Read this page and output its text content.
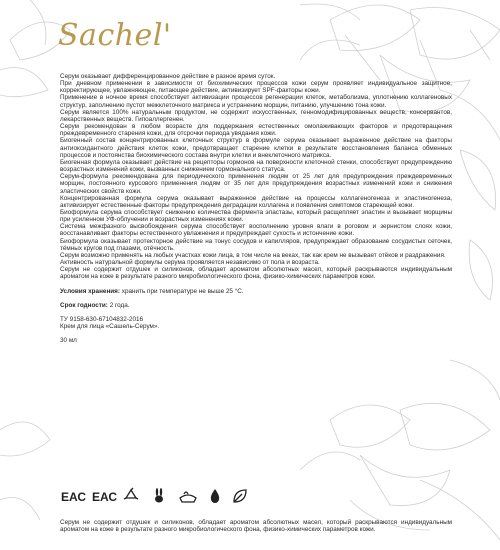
Sachel'

Серум оказывает дифференцированное действие в разное время суток.

При дневном применении в зависимости от биохимических процессов кожи серум проявляет индивидуальное защитное, корректирующее, увлажняющее, питающее действие, активизирует SPF-факторы кожи.

Применение в ночное время способствует активизации процессов регенерации клеток, метаболизма, уплотнению коллагеновых структур, заполнению пустот межклеточного матрикса и устранению морщин, питанию, улучшению тона кожи.

Серум является 100% натуральным продуктом, не содержит искусственных, генномодифицированных веществ, консервантов, лекарственных веществ. Гипоаллергенен.

Серум рекомендован в любом возрасте для поддержания естественных омолаживающих факторов и предотвращения преждевременного старения кожи, для отсрочки периода увядания кожи.

Биогенный состав концентрированных клеточных структур в формуле серума оказывает выраженное действие на факторы антиоксидантного действия клеток кожи, предотвращает старение клетки в результате восстановления баланса обменных процессов и постоянства биохимического состава внутри клетки и внеклеточного матрикса.

Биогенная формула оказывает действие на рецепторы гормонов на поверхности клеточной стенки, способствует предупреждению возрастных изменений кожи, вызванных снижением гормонального статуса.

Серум-формула рекомендована для периодического применения людям от 25 лет для предупреждения преждевременных морщин, постоянного курсового применения людям от 35 лет для предупреждения возрастных изменений кожи и снижения эластических свойств кожи.

Концентрированная формула серума оказывает выраженное действие на процессы коллагеногенеза и эластиногенеза, активизирует естественные факторы предупреждения деградации коллагена и появления симптомов стареющей кожи.

Биоформула серума способствует снижению количества фермента эластазы, который расщепляет эластин и вызывает морщины при усиленном УФ-облучении и возрастных изменениях кожи.

Система межфазного высвобождения серума способствует восполнению уровня влаги в роговом и зернистом слоях кожи, восстанавливает факторы естественного увлажнения и предупреждает сухость и истончение кожи.

Биоформула оказывает протекторное действие на тонус сосудов и капилляров, предупреждает образование сосудистых сеточек, тёмных кругов под глазами, отёчность.

Серум возможно применять на любых участках кожи лица, в том числе на веках, так как крем не вызывает отёков и раздражения.

Активность натуральной формулы серума проявляется независимо от пола и возраста.

Серум не содержит отдушек и силиконов, обладает ароматом абсолютных масел, который раскрываются индивидуальным ароматом на коже в результате разного микробиологического фона, физико-химических параметров кожи.

Условия хранения: хранить при температуре не выше 25 °С.

Срок годности: 2 года.

ТУ 9158-630-67104832-2016

Крем для лица «Сашель-Серум».

30 мл

ЕАС ЕАС
Серум не содержит отдушек и силиконов, обладает ароматом абсолютных масел, который раскрываются индивидуальным ароматом на коже в результате разного микробиологического фона, физико-химических параметров кожи.
